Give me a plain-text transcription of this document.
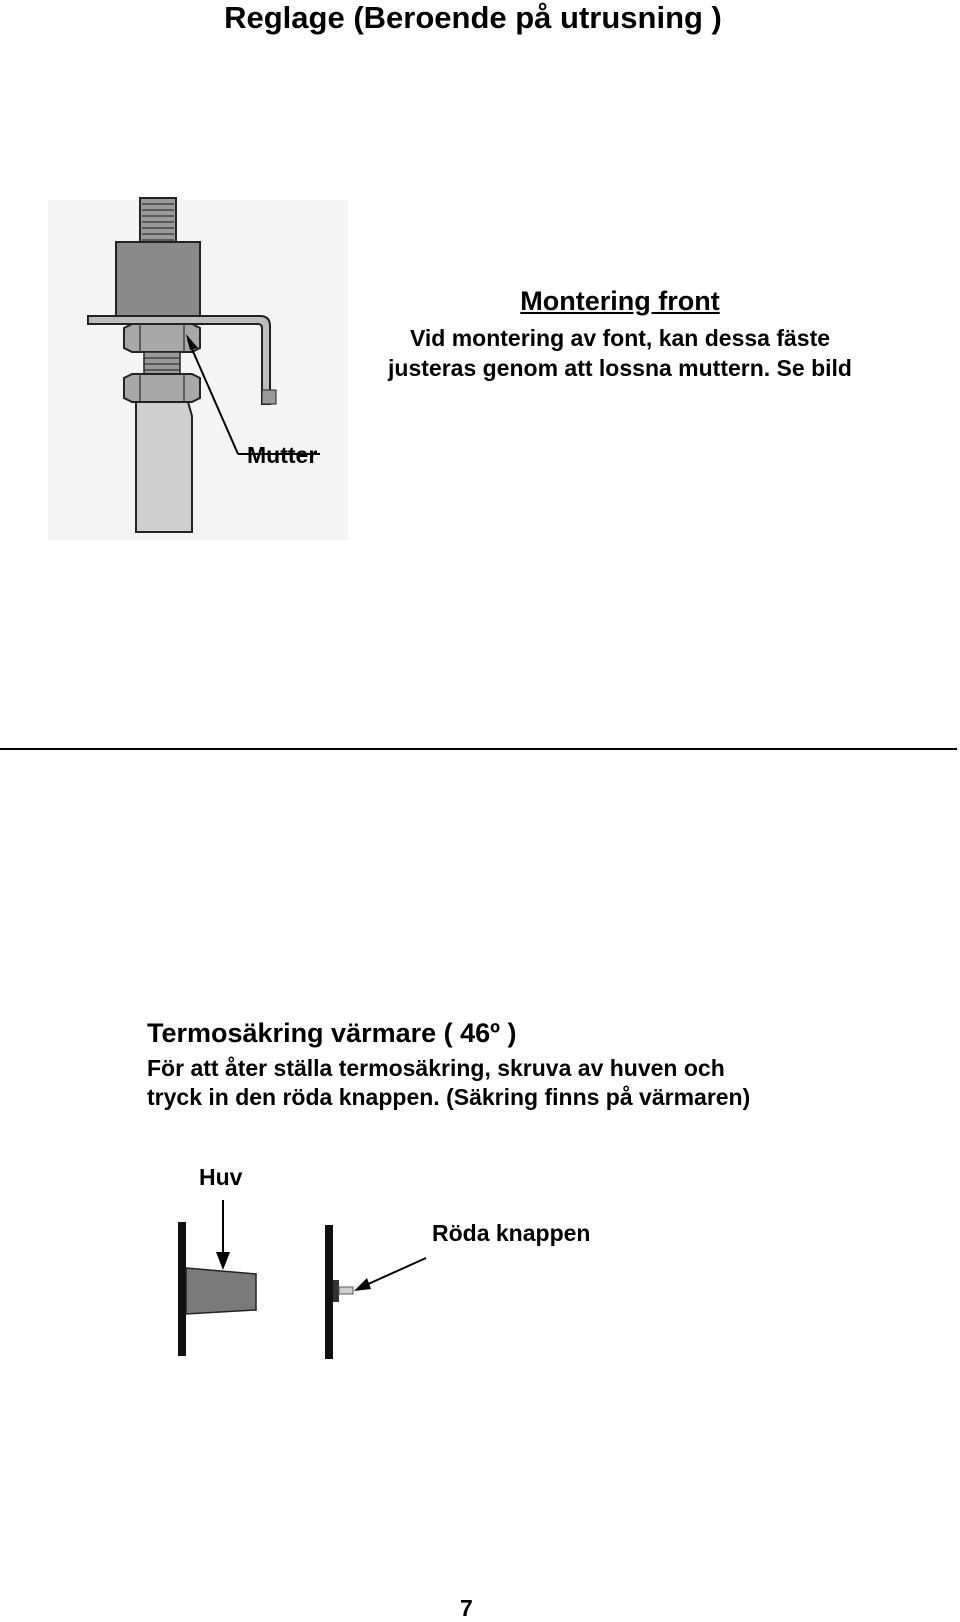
Reglage (Beroende på utrusning )
Mutter
Montering front
Vid montering av font, kan dessa fäste
justeras genom att lossna muttern. Se bild
Termosäkring värmare ( 46º )
För att åter ställa termosäkring, skruva av huven och
tryck in den röda knappen. (Säkring finns på värmaren)
Huv
Röda knappen
7
